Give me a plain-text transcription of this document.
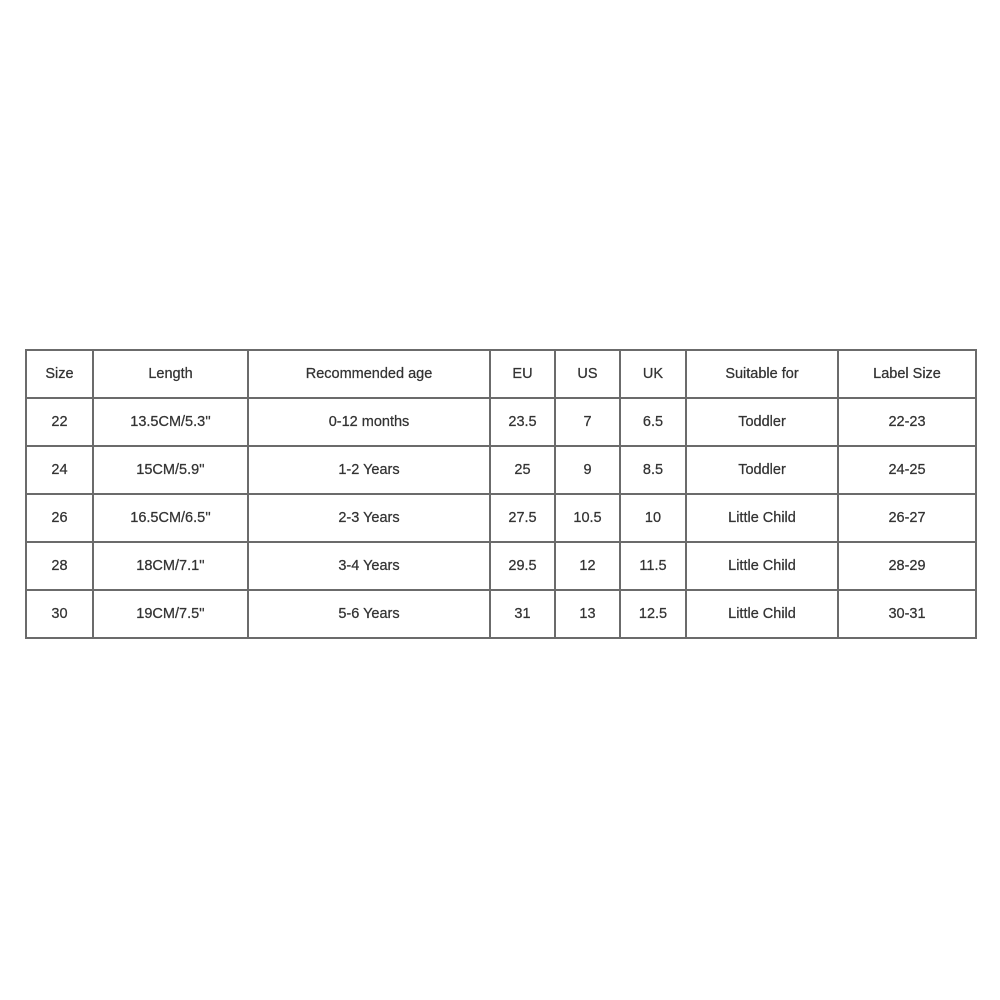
Size	Length	Recommended age	EU	US	UK	Suitable for	Label Size
22	13.5CM/5.3''	0-12 months	23.5	7	6.5	Toddler	22-23
24	15CM/5.9''	1-2 Years	25	9	8.5	Toddler	24-25
26	16.5CM/6.5''	2-3 Years	27.5	10.5	10	Little Child	26-27
28	18CM/7.1''	3-4 Years	29.5	12	11.5	Little Child	28-29
30	19CM/7.5''	5-6 Years	31	13	12.5	Little Child	30-31
